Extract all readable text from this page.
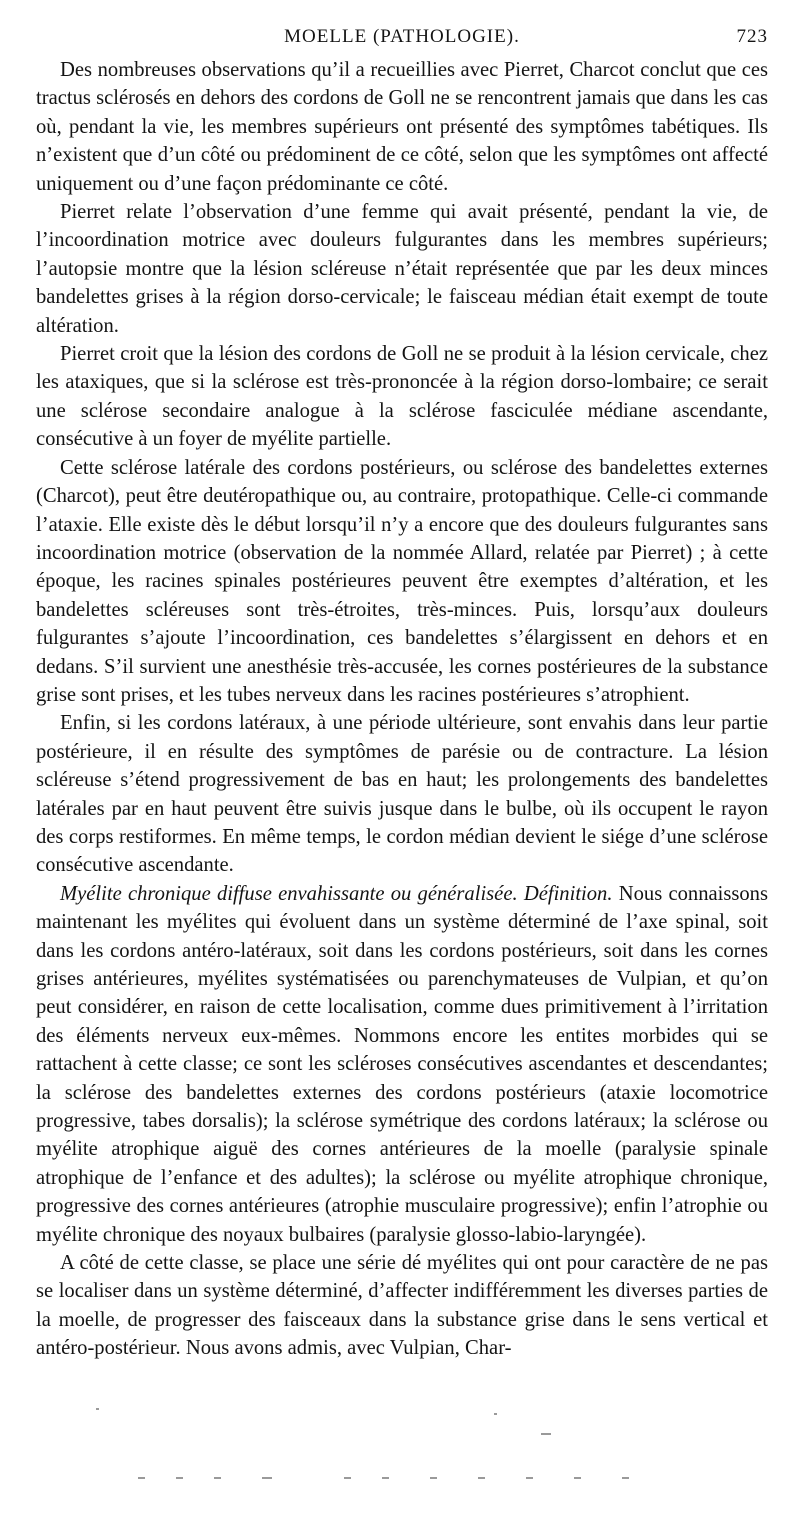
MOELLE (PATHOLOGIE).	723

Des nombreuses observations qu’il a recueillies avec Pierret, Charcot conclut que ces tractus sclérosés en dehors des cordons de Goll ne se rencontrent jamais que dans les cas où, pendant la vie, les membres supérieurs ont présenté des symptômes tabétiques. Ils n’existent que d’un côté ou prédominent de ce côté, selon que les symptômes ont affecté uniquement ou d’une façon prédominante ce côté.

Pierret relate l’observation d’une femme qui avait présenté, pendant la vie, de l’incoordination motrice avec douleurs fulgurantes dans les membres supérieurs; l’autopsie montre que la lésion scléreuse n’était représentée que par les deux minces bandelettes grises à la région dorso-cervicale; le faisceau médian était exempt de toute altération.

Pierret croit que la lésion des cordons de Goll ne se produit à la lésion cervicale, chez les ataxiques, que si la sclérose est très-prononcée à la région dorso-lombaire; ce serait une sclérose secondaire analogue à la sclérose fasciculée médiane ascendante, consécutive à un foyer de myélite partielle.

Cette sclérose latérale des cordons postérieurs, ou sclérose des bandelettes externes (Charcot), peut être deutéropathique ou, au contraire, protopathique. Celle-ci commande l’ataxie. Elle existe dès le début lorsqu’il n’y a encore que des douleurs fulgurantes sans incoordination motrice (observation de la nommée Allard, relatée par Pierret) ; à cette époque, les racines spinales postérieures peuvent être exemptes d’altération, et les bandelettes scléreuses sont très-étroites, très-minces. Puis, lorsqu’aux douleurs fulgurantes s’ajoute l’incoordination, ces bandelettes s’élargissent en dehors et en dedans. S’il survient une anesthésie très-accusée, les cornes postérieures de la substance grise sont prises, et les tubes nerveux dans les racines postérieures s’atrophient.

Enfin, si les cordons latéraux, à une période ultérieure, sont envahis dans leur partie postérieure, il en résulte des symptômes de parésie ou de contracture. La lésion scléreuse s’étend progressivement de bas en haut; les prolongements des bandelettes latérales par en haut peuvent être suivis jusque dans le bulbe, où ils occupent le rayon des corps restiformes. En même temps, le cordon médian devient le siége d’une sclérose consécutive ascendante.

Myélite chronique diffuse envahissante ou généralisée. Définition. Nous connaissons maintenant les myélites qui évoluent dans un système déterminé de l’axe spinal, soit dans les cordons antéro-latéraux, soit dans les cordons postérieurs, soit dans les cornes grises antérieures, myélites systématisées ou parenchymateuses de Vulpian, et qu’on peut considérer, en raison de cette localisation, comme dues primitivement à l’irritation des éléments nerveux eux-mêmes. Nommons encore les entites morbides qui se rattachent à cette classe; ce sont les scléroses consécutives ascendantes et descendantes; la sclérose des bandelettes externes des cordons postérieurs (ataxie locomotrice progressive, tabes dorsalis); la sclérose symétrique des cordons latéraux; la sclérose ou myélite atrophique aiguë des cornes antérieures de la moelle (paralysie spinale atrophique de l’enfance et des adultes); la sclérose ou myélite atrophique chronique, progressive des cornes antérieures (atrophie musculaire progressive); enfin l’atrophie ou myélite chronique des noyaux bulbaires (paralysie glosso-labio-laryngée).

A côté de cette classe, se place une série dé myélites qui ont pour caractère de ne pas se localiser dans un système déterminé, d’affecter indifféremment les diverses parties de la moelle, de progresser des faisceaux dans la substance grise dans le sens vertical et antéro-postérieur. Nous avons admis, avec Vulpian, Char-
